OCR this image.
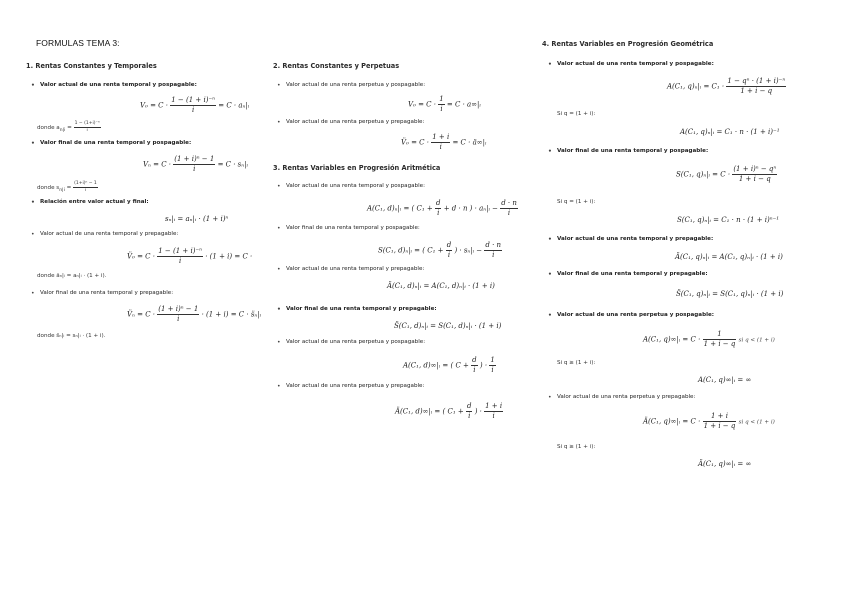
FORMULAS TEMA 3:
1. Rentas Constantes y Temporales
• Valor actual de una renta temporal y pospagable:
$V_0 = C \cdot \frac{\text{1 − (1 + i)⁻ⁿ}}{i} = C$ · aₙ|ᵢ
donde $a_{n|i} = \frac{\text{1 − (1+i)⁻ⁿ}}{i}$
• Valor final de una renta temporal y pospagable:
$V_n = C \cdot \frac{\text{(1 + i)ⁿ − 1}}{i} = C$ · sₙ|ᵢ
donde $s_{n|i} = \frac{\text{(1+i)ⁿ − 1}}{i}$
• Relación entre valor actual y final:
sₙ|ᵢ = aₙ|ᵢ · (1 + i)ⁿ
• Valor actual de una renta temporal y prepagable:
V̈₀ = $C \cdot \frac{\text{1 − (1 + i)⁻ⁿ}}{i} \cdot (1 + i) = C$ ·
donde äₙ|ᵢ = aₙ|ᵢ · (1 + i).
• Valor final de una renta temporal y prepagable:
V̈ₙ = $C \cdot \frac{\text{(1 + i)ⁿ − 1}}{i} \cdot (1 + i) = C$ · s̈ₙ|ᵢ
donde s̈ₙ|ᵢ = sₙ|ᵢ · (1 + i).
2. Rentas Constantes y Perpetuas
• Valor actual de una renta perpetua y pospagable:
$V_0 = C \cdot \frac{1}{i} = C$ · a∞|ᵢ
• Valor actual de una renta perpetua y prepagable:
V̈₀ = $C \cdot \frac{1 + i}{i} = C$ · ä∞|ᵢ
3. Rentas Variables en Progresión Aritmética
• Valor actual de una renta temporal y pospagable:
A(C₁, d)ₙ|ᵢ = ( $C_1 + \frac{d}{i} + d \cdot n$ ) · aₙ|ᵢ − $\frac{d \cdot n}{i}$
• Valor final de una renta temporal y pospagable:
S(C₁, d)ₙ|ᵢ = ( $C_1 + \frac{d}{i}$ ) · sₙ|ᵢ − $\frac{d \cdot n}{i}$
• Valor actual de una renta temporal y prepagable:
Ä(C₁, d)ₙ|ᵢ = A(C₁, d)ₙ|ᵢ · (1 + i)
• Valor final de una renta temporal y prepagable:
S̈(C₁, d)ₙ|ᵢ = S(C₁, d)ₙ|ᵢ · (1 + i)
• Valor actual de una renta perpetua y pospagable:
A(C₁, d)∞|ᵢ = ( $C + \frac{d}{i}$ ) · $\frac{1}{i}$
• Valor actual de una renta perpetua y prepagable:
Ä(C₁, d)∞|ᵢ = ( $C_1 + \frac{d}{i}$ ) · $\frac{1 + i}{i}$
4. Rentas Variables en Progresión Geométrica
• Valor actual de una renta temporal y pospagable:
A(C₁, q)ₙ|ᵢ = $C_1 \cdot \frac{\text{1 − qⁿ · (1 + i)⁻ⁿ}}{1 + i - q}$
Si q = (1 + i):
A(C₁, q)ₙ|ᵢ = C₁ · n · (1 + i)⁻¹
• Valor final de una renta temporal y pospagable:
S(C₁, q)ₙ|ᵢ = $C \cdot \frac{\text{(1 + i)ⁿ − qⁿ}}{1 + i - q}$
Si q = (1 + i):
S(C₁, q)ₙ|ᵢ = C₁ · n · (1 + i)ⁿ⁻¹
• Valor actual de una renta temporal y prepagable:
Ä(C₁, q)ₙ|ᵢ = A(C₁, q)ₙ|ᵢ · (1 + i)
• Valor final de una renta temporal y prepagable:
S̈(C₁, q)ₙ|ᵢ = S(C₁, q)ₙ|ᵢ · (1 + i)
• Valor actual de una renta perpetua y pospagable:
A(C₁, q)∞|ᵢ = $C \cdot \frac{1}{1 + i - q}$ si q < (1 + i)
Si q ≥ (1 + i):
A(C₁, q)∞|ᵢ = ∞
• Valor actual de una renta perpetua y prepagable:
Ä(C₁, q)∞|ᵢ = $C \cdot \frac{1 + i}{1 + i - q}$ si q < (1 + i)
Si q ≥ (1 + i):
Ä(C₁, q)∞|ᵢ = ∞
